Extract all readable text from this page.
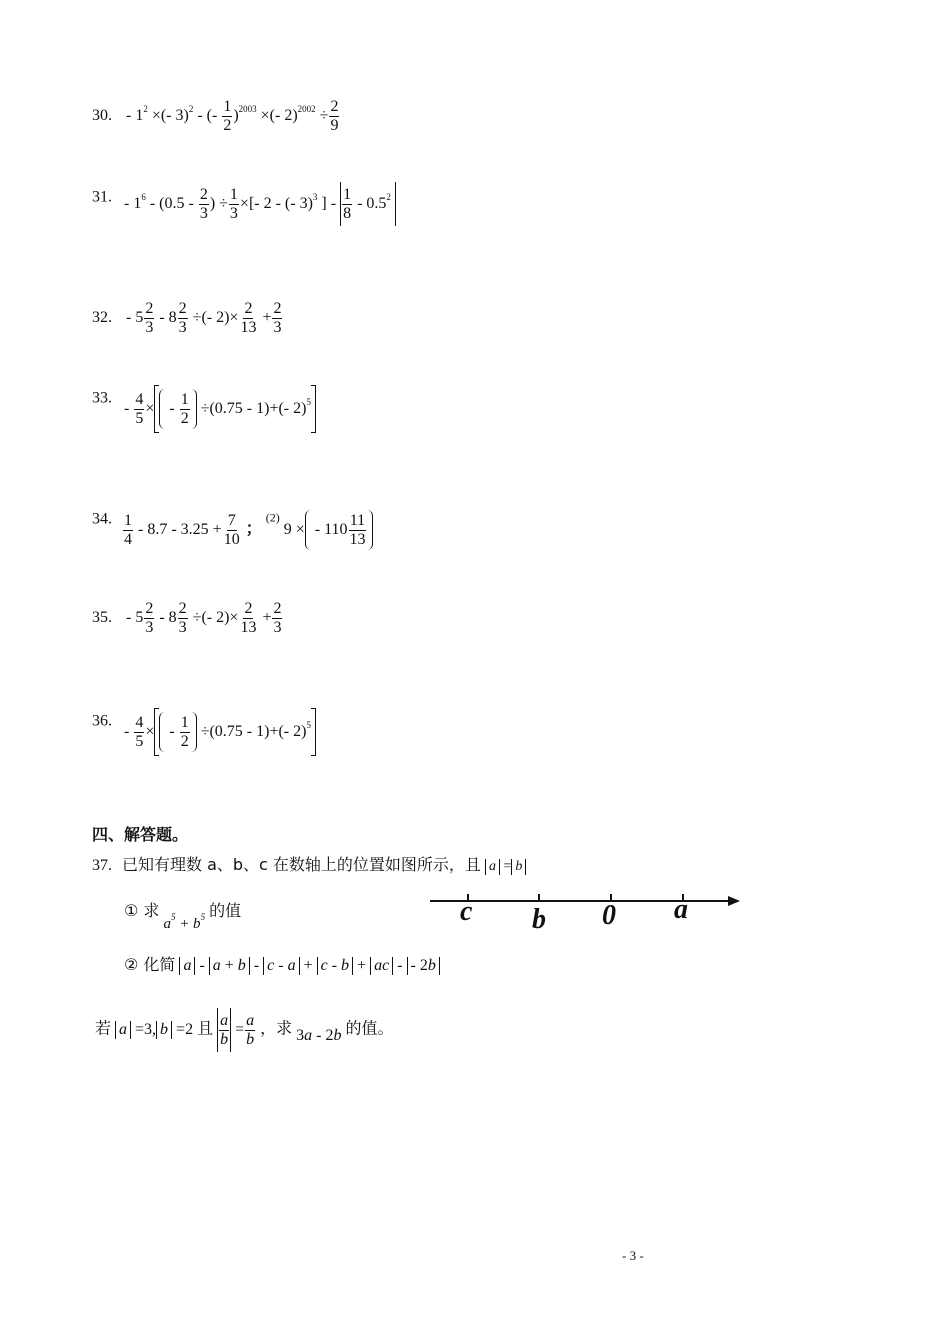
30. - $1^2$ ×(- 3)$^2$ - (- $\frac{1}{2} )^{2003}$ ×(- $2)^{2002} \div \frac{2}{9}$
31. - $1^6 - (0.5 - \frac{2}{3}$ ) ÷ $\frac{1}{3}$ ×[- 2 - (- 3)$^3$ ] - $\frac{1}{8} - 0.5^2$
32. - $5 \frac{2}{3} - 8 \frac{2}{3}$ ÷(- $2)\times \frac{2}{13} + \frac{2}{3}$
33. - $\frac{4}{5}$ × - $\frac{1}{2} \div(0.75 - 1)+(-$ 2)$^5$
34. $\frac{1}{4} - 8.7 - 3.25 + \frac{7}{10}$ ； $^{(2)}$ 9 × - $110 \frac{11}{13}$
35. - $5 \frac{2}{3} - 8 \frac{2}{3}$ ÷(- $2)\times \frac{2}{13} + \frac{2}{3}$
36. - $\frac{4}{5}$ × - $\frac{1}{2} \div(0.75 - 1)+(-$ 2)$^5$
四、解答题。
37. 已知有理数 a、b、c 在数轴上的位置如图所示，且 a = b
① 求 $a^5 + b^5$ 的值
② 化简 a - a + b - c - a + c - b + ac - - 2b
c b 0 a
若 a =3, b =2 且 $\frac{a}{b} = \frac{a}{b}$ ，求 3a - 2b 的值。
- 3 -
